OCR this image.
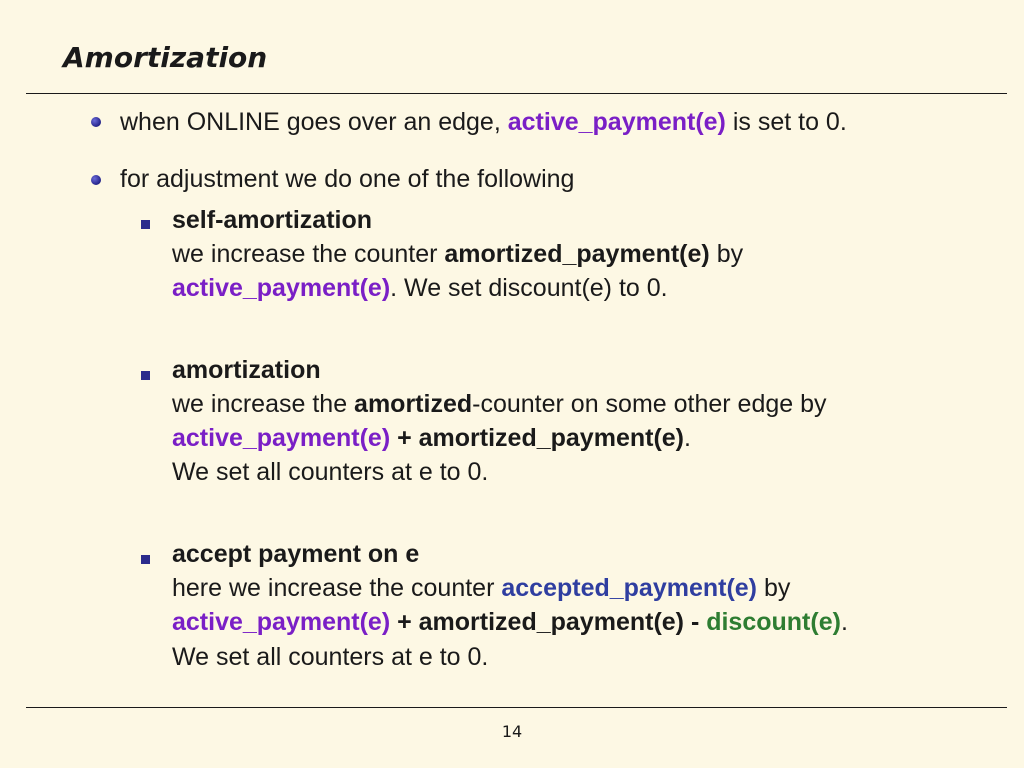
Amortization
when ONLINE goes over an edge, active_payment(e) is set to 0.
for adjustment we do one of the following
self-amortization
we increase the counter amortized_payment(e) by
active_payment(e). We set discount(e) to 0.
amortization
we increase the amortized-counter on some other edge by
active_payment(e) + amortized_payment(e).
We set all counters at e to 0.
accept payment on e
here we increase the counter accepted_payment(e) by
active_payment(e) + amortized_payment(e) - discount(e).
We set all counters at e to 0.
14
